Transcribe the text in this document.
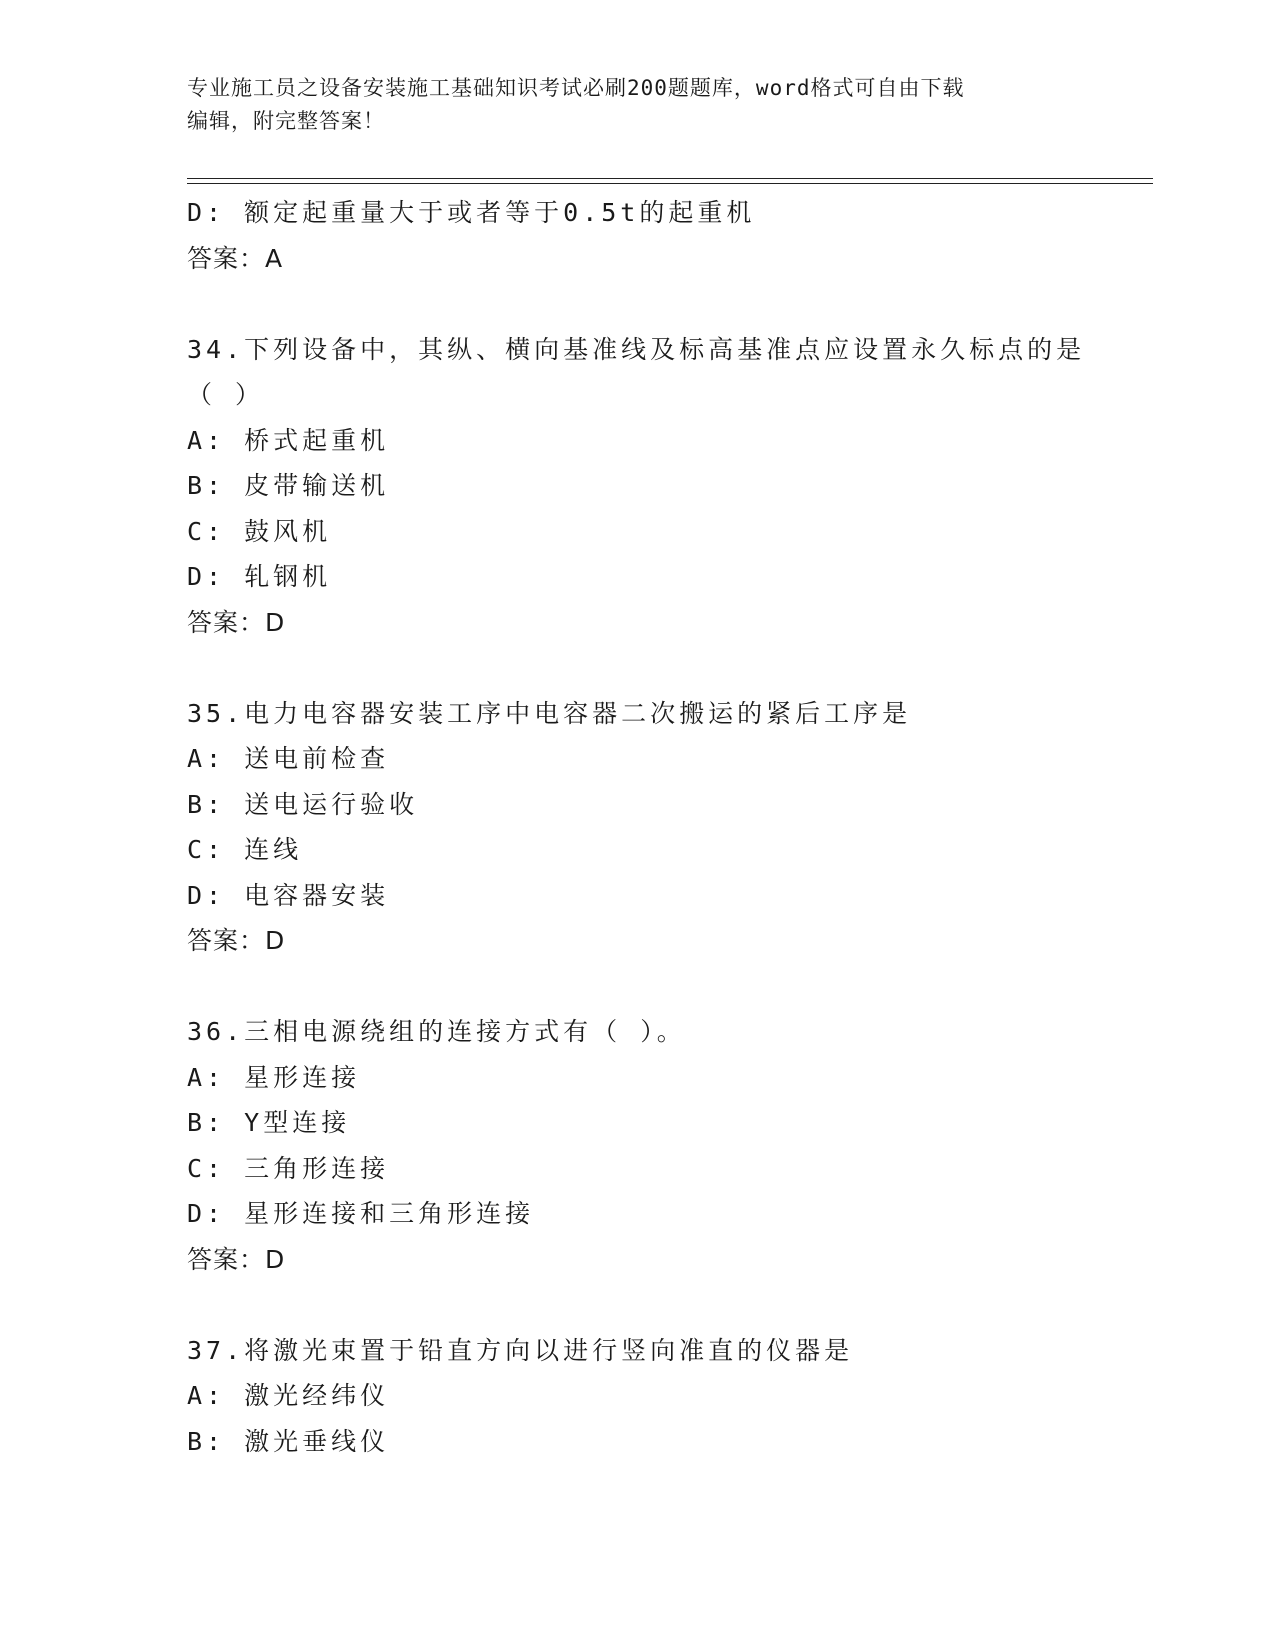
专业施工员之设备安装施工基础知识考试必刷200题题库，word格式可自由下载
编辑，附完整答案！
D: 额定起重量大于或者等于0.5t的起重机
答案：A
34.下列设备中，其纵、横向基准线及标高基准点应设置永久标点的是
（ ）
A: 桥式起重机
B: 皮带输送机
C: 鼓风机
D: 轧钢机
答案：D
35.电力电容器安装工序中电容器二次搬运的紧后工序是
A: 送电前检查
B: 送电运行验收
C: 连线
D: 电容器安装
答案：D
36.三相电源绕组的连接方式有（ ）。
A: 星形连接
B: Y型连接
C: 三角形连接
D: 星形连接和三角形连接
答案：D
37.将激光束置于铅直方向以进行竖向准直的仪器是
A: 激光经纬仪
B: 激光垂线仪
